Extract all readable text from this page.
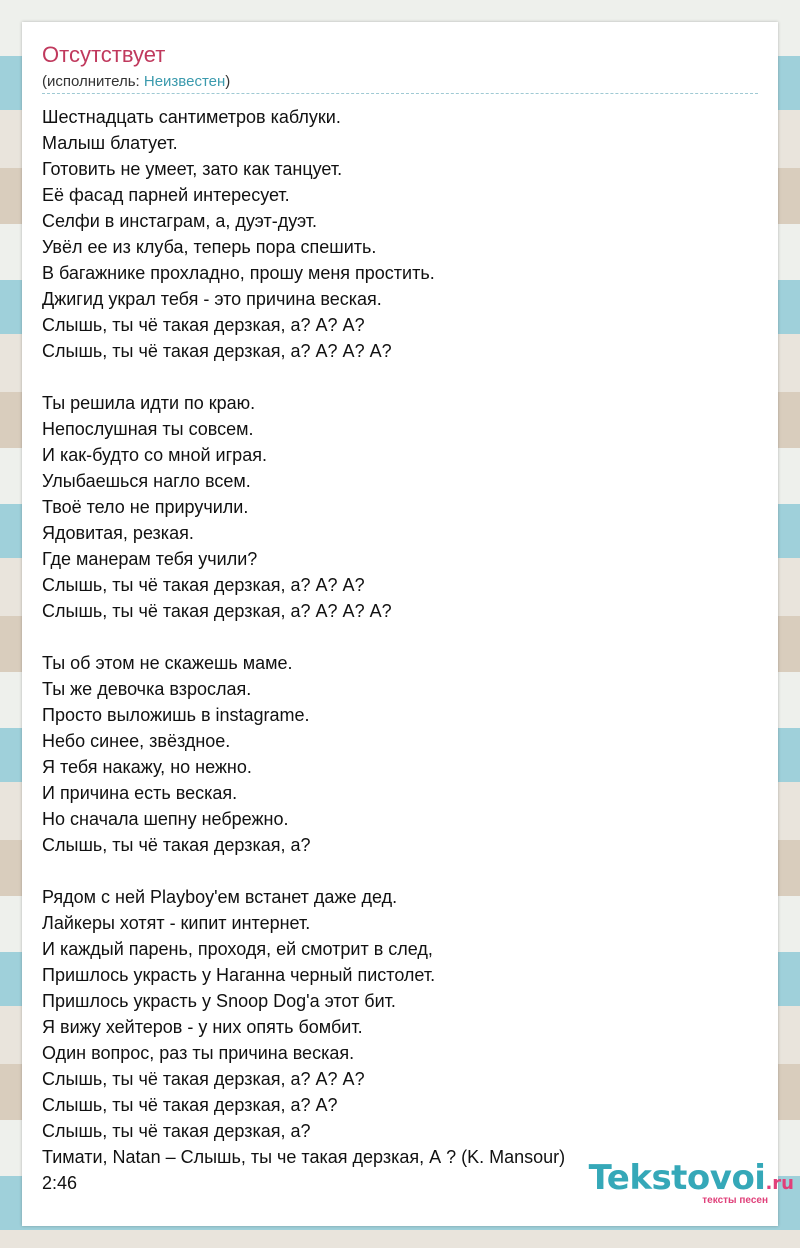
Отсутствует
(исполнитель: Неизвестен)
Шестнадцать сантиметров каблуки.
Малыш блатует.
Готовить не умеет, зато как танцует.
Её фасад парней интересует.
Селфи в инстаграм, а, дуэт-дуэт.
Увёл ее из клуба, теперь пора спешить.
В багажнике прохладно, прошу меня простить.
Джигид украл тебя - это причина веская.
Слышь, ты чё такая дерзкая, а? А? А?
Слышь, ты чё такая дерзкая, а? А? А? А?
Ты решила идти по краю.
Непослушная ты совсем.
И как-будто со мной играя.
Улыбаешься нагло всем.
Твоё тело не приручили.
Ядовитая, резкая.
Где манерам тебя учили?
Слышь, ты чё такая дерзкая, а? А? А?
Слышь, ты чё такая дерзкая, а? А? А? А?
Ты об этом не скажешь маме.
Ты же девочка взрослая.
Просто выложишь в instagrame.
Небо синее, звёздное.
Я тебя накажу, но нежно.
И причина есть веская.
Но сначала шепну небрежно.
Слышь, ты чё такая дерзкая, а?
Рядом с ней Playboy'ем встанет даже дед.
Лайкеры хотят - кипит интернет.
И каждый парень, проходя, ей смотрит в след,
Пришлось украсть у Наганна черный пистолет.
Пришлось украсть у Snoop Dog'a этот бит.
Я вижу хейтеров - у них опять бомбит.
Один вопрос, раз ты причина веская.
Слышь, ты чё такая дерзкая, а? А? А?
Слышь, ты чё такая дерзкая, а? А?
Слышь, ты чё такая дерзкая, а?
Тимати, Natan – Слышь, ты че такая дерзкая, А ? (K. Mansour)
2:46	Tekstovoi.ru
тексты песен
